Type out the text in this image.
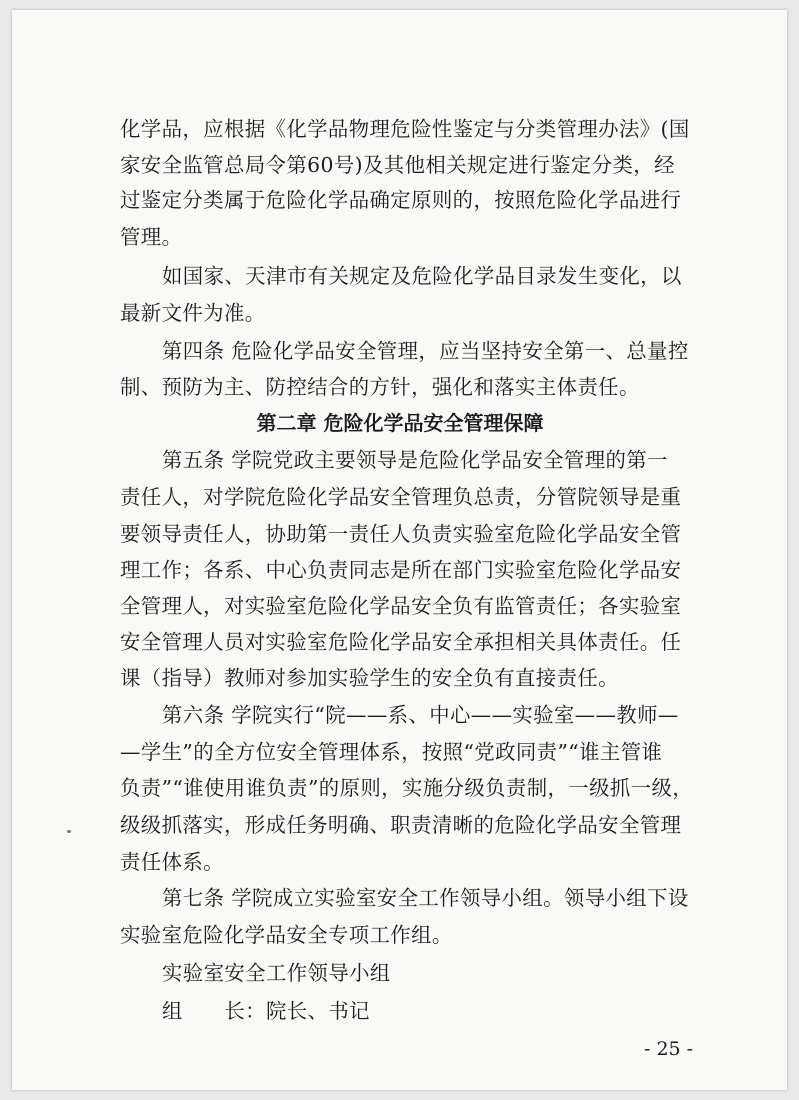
化学品，应根据《化学品物理危险性鉴定与分类管理办法》(国
家安全监管总局令第60号)及其他相关规定进行鉴定分类，经
过鉴定分类属于危险化学品确定原则的，按照危险化学品进行
管理。
如国家、天津市有关规定及危险化学品目录发生变化，以
最新文件为准。
第四条 危险化学品安全管理，应当坚持安全第一、总量控
制、预防为主、防控结合的方针，强化和落实主体责任。
第二章 危险化学品安全管理保障
第五条 学院党政主要领导是危险化学品安全管理的第一
责任人，对学院危险化学品安全管理负总责，分管院领导是重
要领导责任人，协助第一责任人负责实验室危险化学品安全管
理工作；各系、中心负责同志是所在部门实验室危险化学品安
全管理人，对实验室危险化学品安全负有监管责任；各实验室
安全管理人员对实验室危险化学品安全承担相关具体责任。任
课（指导）教师对参加实验学生的安全负有直接责任。
第六条 学院实行“院——系、中心——实验室——教师—
—学生”的全方位安全管理体系，按照“党政同责”“谁主管谁
负责”“谁使用谁负责”的原则，实施分级负责制，一级抓一级，
级级抓落实，形成任务明确、职责清晰的危险化学品安全管理
责任体系。
第七条 学院成立实验室安全工作领导小组。领导小组下设
实验室危险化学品安全专项工作组。
实验室安全工作领导小组
组　　长：院长、书记
- 25 -
